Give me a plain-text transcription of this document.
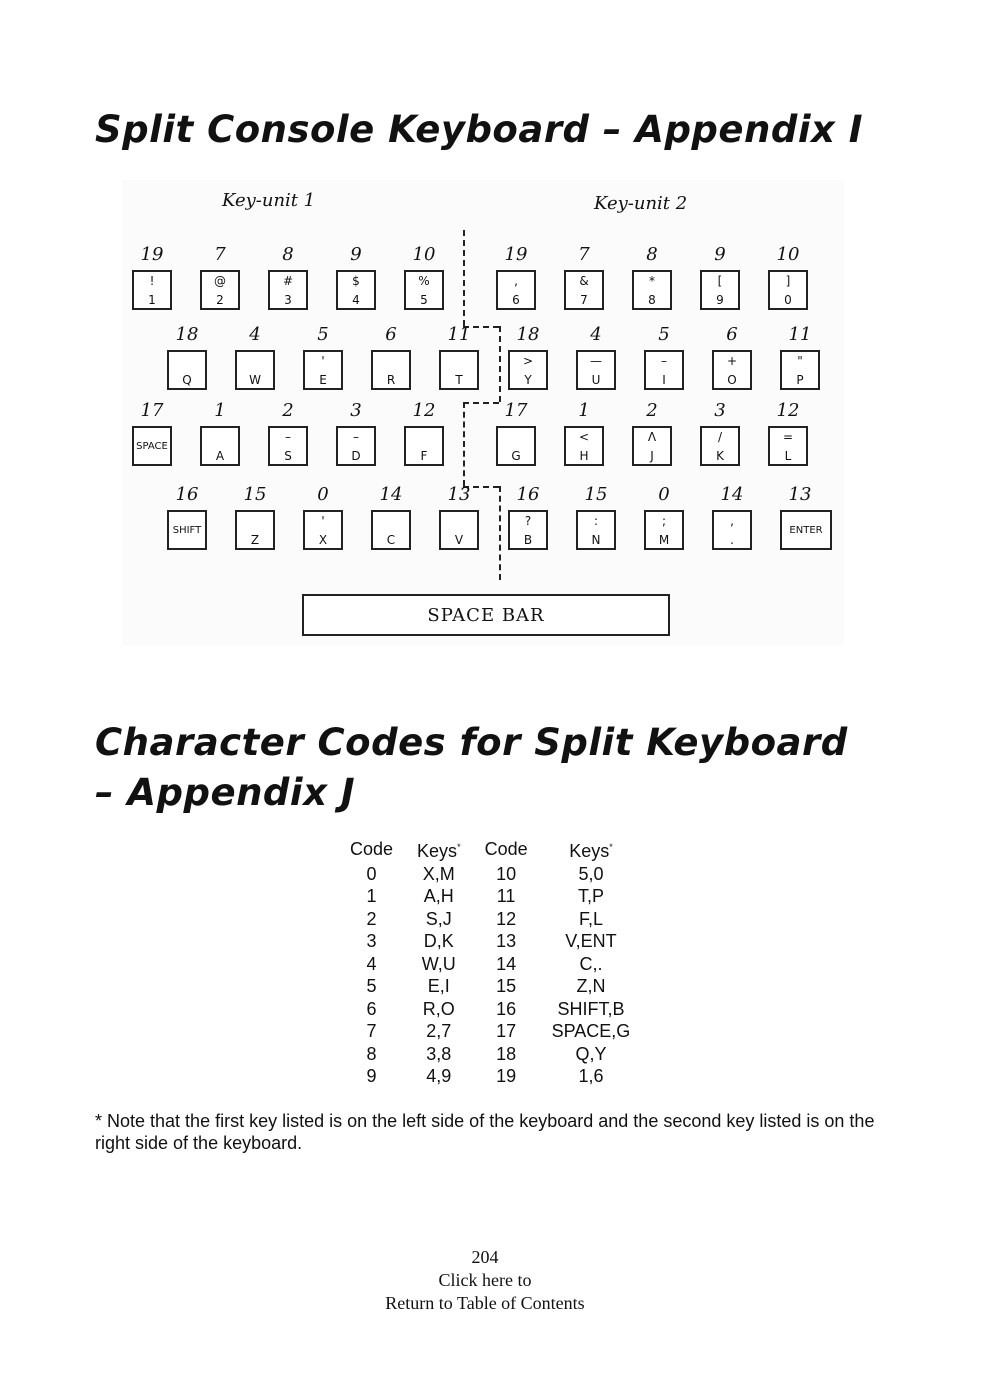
Split Console Keyboard – Appendix I
Key-unit 1	Key-unit 2
SPACE BAR
19
!
1
7
@
2
8
#
3
9
$
4
10
%
5
19
,
6
7
&
7
8
*
8
9
[
9
10
]
0
18
Q
4
W
5
'
E
6
R
11
T
18
>
Y
4
—
U
5
–
I
6
+
O
11
"
P
17
SPACE
1
A
2
–
S
3
–
D
12
F
17
G
1
<
H
2
Λ
J
3
/
K
12
=
L
16
SHIFT
15
Z
0
'
X
14
C
13
V
16
?
B
15
:
N
0
;
M
14
,
.
13
ENTER
Character Codes for Split Keyboard – Appendix J
Code	Keys*	Code	Keys*
0	X,M	10	5,0
1	A,H	11	T,P
2	S,J	12	F,L
3	D,K	13	V,ENT
4	W,U	14	C,.
5	E,I	15	Z,N
6	R,O	16	SHIFT,B
7	2,7	17	SPACE,G
8	3,8	18	Q,Y
9	4,9	19	1,6

* Note that the first key listed is on the left side of the keyboard and the second key listed is on the right side of the keyboard.

204
Click here to
Return to Table of Contents
